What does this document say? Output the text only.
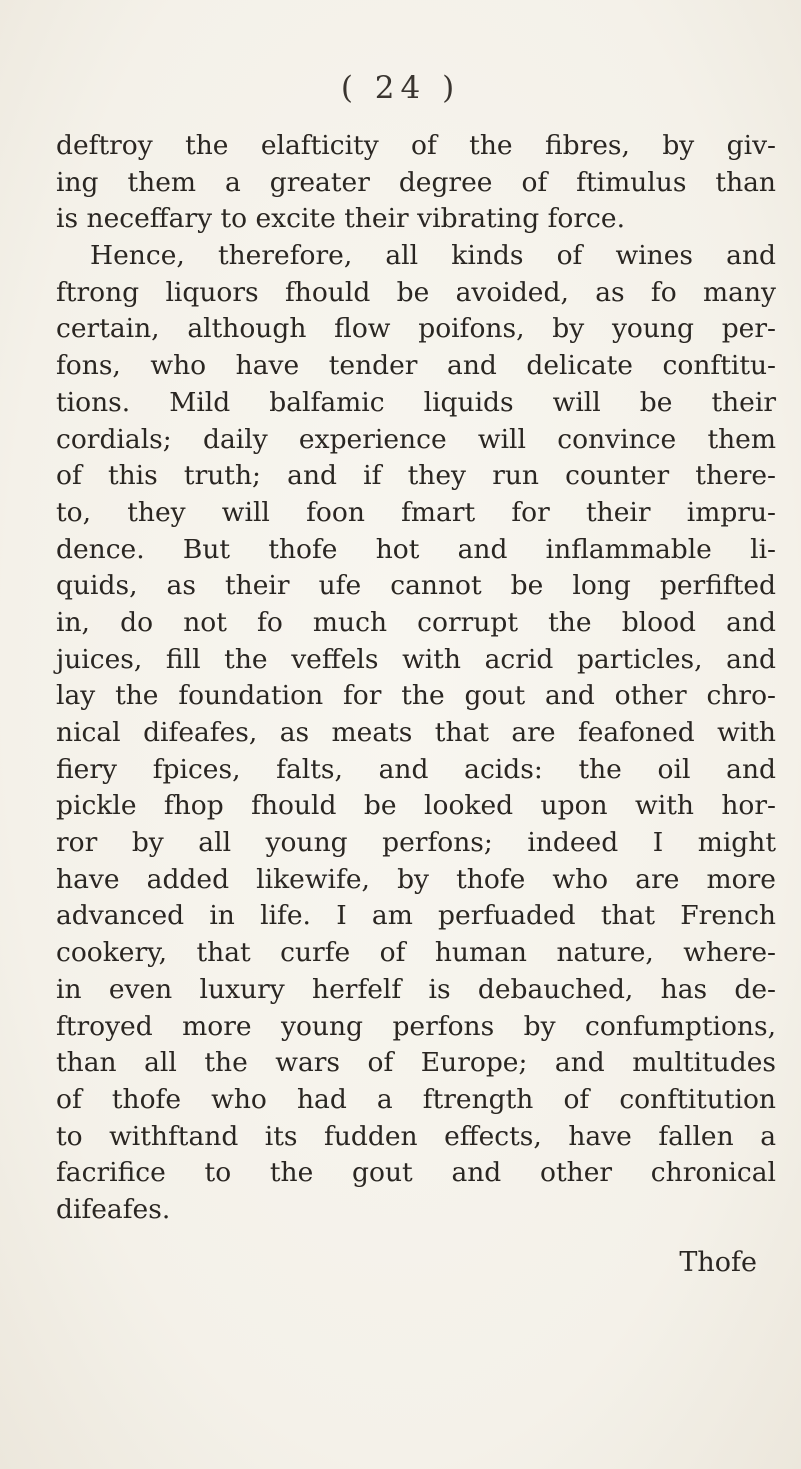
( 24 )
deftroy the elafticity of the fibres, by giv-
ing them a greater degree of ftimulus than
is neceffary to excite their vibrating force.
Hence, therefore, all kinds of wines and
ftrong liquors fhould be avoided, as fo many
certain, although flow poifons, by young per-
fons, who have tender and delicate conftitu-
tions. Mild balfamic liquids will be their
cordials; daily experience will convince them
of this truth; and if they run counter there-
to, they will foon fmart for their impru-
dence. But thofe hot and inflammable li-
quids, as their ufe cannot be long perfifted
in, do not fo much corrupt the blood and
juices, fill the veffels with acrid particles, and
lay the foundation for the gout and other chro-
nical difeafes, as meats that are feafoned with
fiery fpices, falts, and acids: the oil and
pickle fhop fhould be looked upon with hor-
ror by all young perfons; indeed I might
have added likewife, by thofe who are more
advanced in life. I am perfuaded that French
cookery, that curfe of human nature, where-
in even luxury herfelf is debauched, has de-
ftroyed more young perfons by confumptions,
than all the wars of Europe; and multitudes
of thofe who had a ftrength of conftitution
to withftand its fudden effects, have fallen a
facrifice to the gout and other chronical
difeafes.
Thofe
